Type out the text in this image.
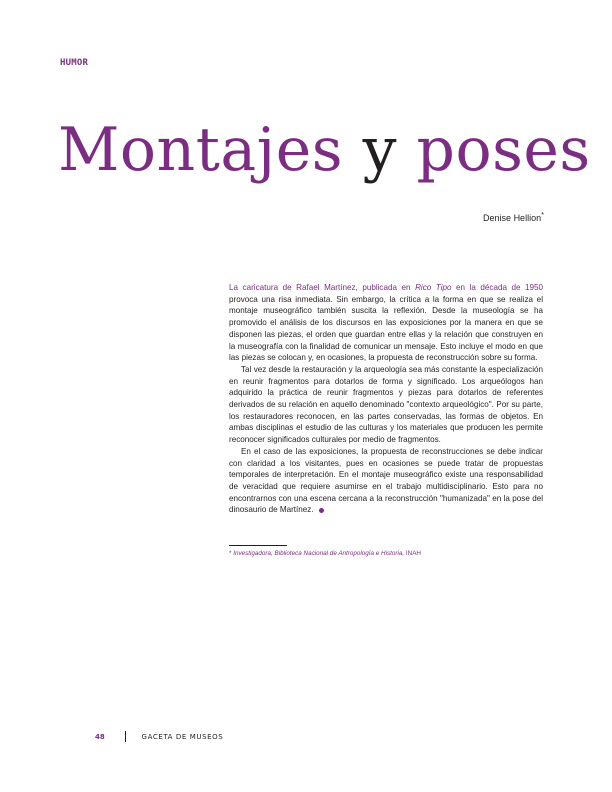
HUMOR
Montajes y poses
Denise Hellion*

La caricatura de Rafael Martínez, publicada en Rico Tipo en la década de 1950 provoca una risa inmediata. Sin embargo, la crítica a la forma en que se realiza el montaje museográfico también suscita la reflexión. Desde la museología se ha promovido el análisis de los discursos en las exposiciones por la manera en que se disponen las piezas, el orden que guardan entre ellas y la relación que construyen en la museografía con la finalidad de comunicar un mensaje. Esto incluye el modo en que las piezas se colocan y, en ocasiones, la propuesta de reconstrucción sobre su forma.

Tal vez desde la restauración y la arqueología sea más constante la especialización en reunir fragmentos para dotarlos de forma y significado. Los arqueólogos han adquirido la práctica de reunir fragmentos y piezas para dotarlos de referentes derivados de su relación en aquello denominado "contexto arqueológico". Por su parte, los restauradores reconocen, en las partes conservadas, las formas de objetos. En ambas disciplinas el estudio de las culturas y los materiales que producen les permite reconocer significados culturales por medio de fragmentos.

En el caso de las exposiciones, la propuesta de reconstrucciones se debe indicar con claridad a los visitantes, pues en ocasiones se puede tratar de propuestas temporales de interpretación. En el montaje museográfico existe una responsabilidad de veracidad que requiere asumirse en el trabajo multidisciplinario. Esto para no encontrarnos con una escena cercana a la reconstrucción "humanizada" en la pose del dinosaurio de Martínez.

* Investigadora, Biblioteca Nacional de Antropología e Historia, INAH
48	GACETA DE MUSEOS
